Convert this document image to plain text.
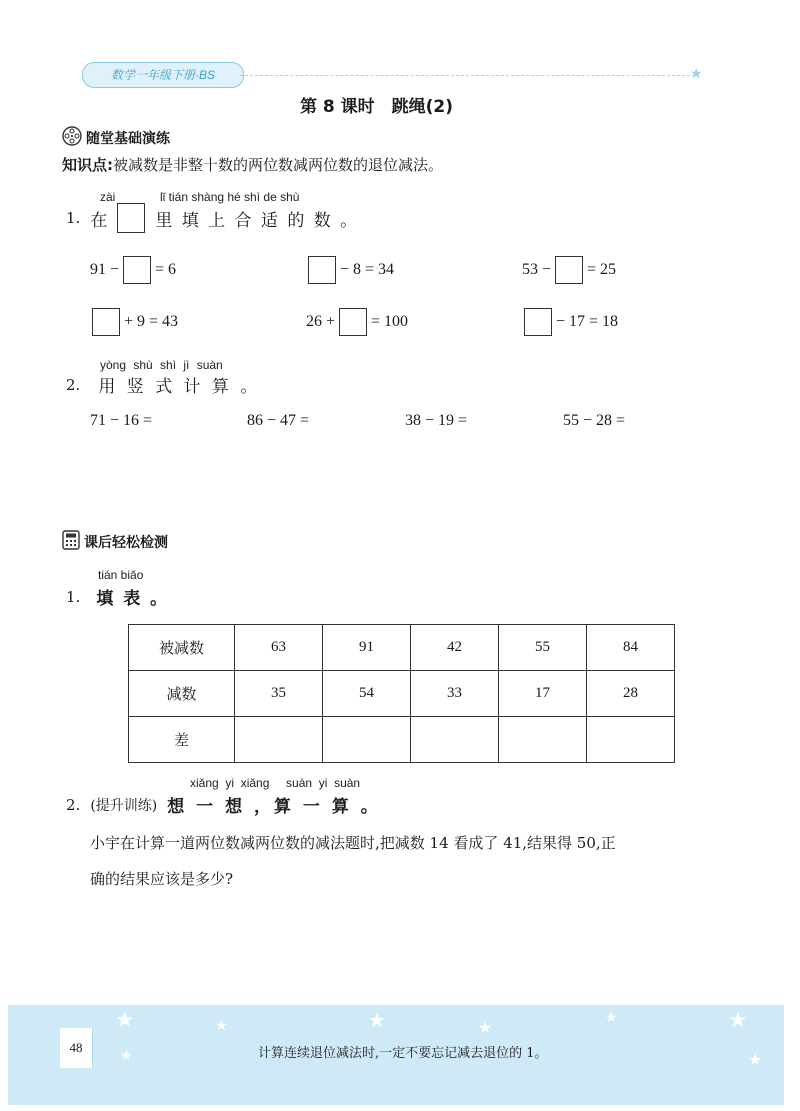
数学一年级下册·BS	★
第 8 课时　跳绳(2)
随堂基础演练
知识点:被减数是非整十数的两位数减两位数的退位减法。
zài	lǐ tián shàng hé shì de shù
1. 在	里 填 上 合 适 的 数 。
91 − = 6	− 8 = 34	53 − = 25
+ 9 = 43	26 + = 100	− 17 = 18
yòng shù shì jì suàn
2. 用 竖 式 计 算 。
71 − 16 =	86 − 47 =	38 − 19 =	55 − 28 =
课后轻松检测
tián biǎo
1. 填 表 。
被减数	63	91	42	55	84
减数	35	54	33	17	28
差					
xiǎng  yi  xiǎng     suàn  yi  suàn
2. (提升训练) 想 一 想 ，算 一 算 。
小宇在计算一道两位数减两位数的减法题时,把减数 14 看成了 41,结果得 50,正
确的结果应该是多少?
★	★	★	★	★	★
★	★
48	计算连续退位减法时,一定不要忘记减去退位的 1。
